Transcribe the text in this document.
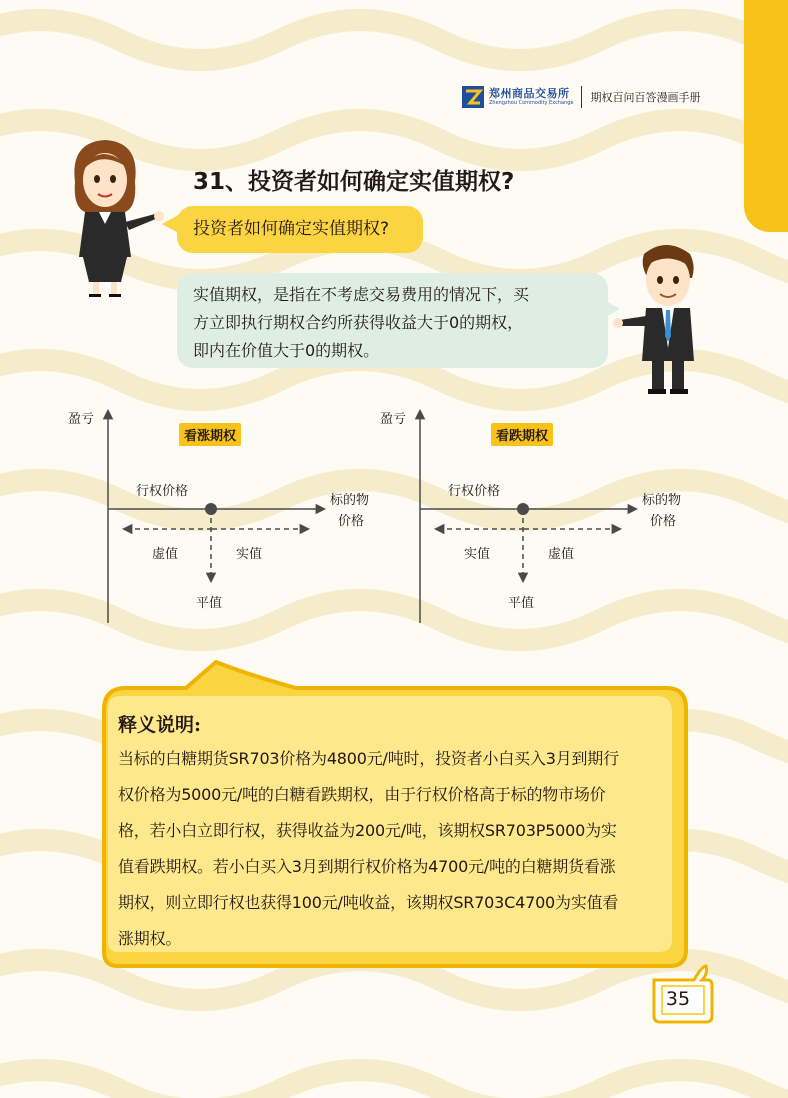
郑州商品交易所
Zhengzhou Commodity Exchange 期权百问百答漫画手册
31、投资者如何确定实值期权?
投资者如何确定实值期权?
实值期权，是指在不考虑交易费用的情况下，买
方立即执行期权合约所获得收益大于0的期权，
即内在价值大于0的期权。
盈亏
看涨期权
行权价格
标的物
价格
虚值	实值
平值
盈亏
看跌期权
行权价格
标的物
价格
实值	虚值
平值

释义说明:

当标的白糖期货SR703价格为4800元/吨时，投资者小白买入3月到期行
权价格为5000元/吨的白糖看跌期权，由于行权价格高于标的物市场价
格，若小白立即行权，获得收益为200元/吨，该期权SR703P5000为实
值看跌期权。若小白买入3月到期行权价格为4700元/吨的白糖期货看涨
期权，则立即行权也获得100元/吨收益，该期权SR703C4700为实值看
涨期权。

35
